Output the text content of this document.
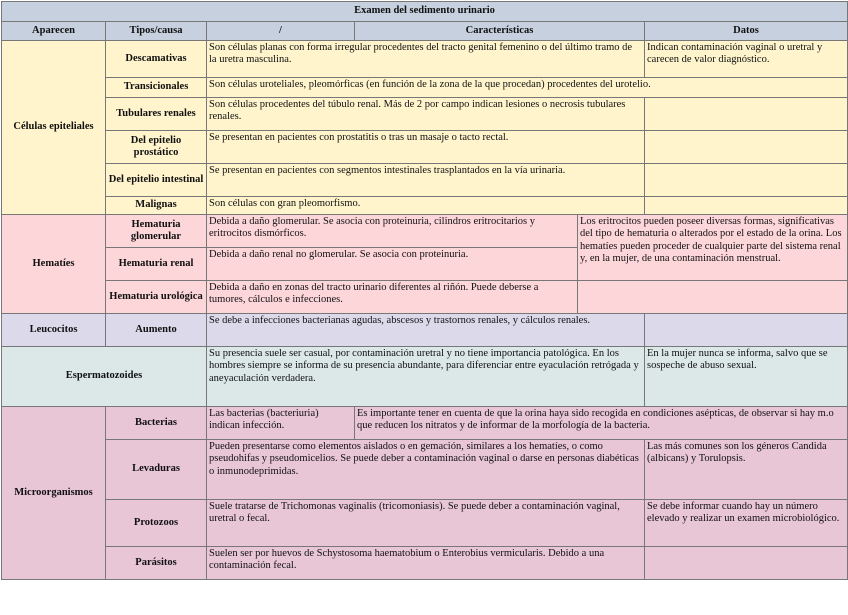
Examen del sedimento urinario					
Aparecen	Tipos/causa	/	Características		Datos
Células epiteliales	Descamativas	Son células planas con forma irregular procedentes del tracto genital femenino o del último tramo de la uretra masculina.			Indican contaminación vaginal o uretral y carecen de valor diagnóstico.
	Transicionales	Son células uroteliales, pleomórficas (en función de la zona de la que procedan) procedentes del urotelio.			
	Tubulares renales	Son células procedentes del túbulo renal. Más de 2 por campo indican lesiones o necrosis tubulares renales.			
	Del epitelio prostático	Se presentan en pacientes con prostatitis o tras un masaje o tacto rectal.			
	Del epitelio intestinal	Se presentan en pacientes con segmentos intestinales trasplantados en la vía urinaria.			
	Malignas	Son células con gran pleomorfismo.			
Hematíes	Hematuria glomerular	Debida a daño glomerular. Se asocia con proteinuria, cilindros eritrocitarios y eritrocitos dismórficos.		Los eritrocitos pueden poseer diversas formas, significativas del tipo de hematuria o alterados por el estado de la orina. Los hematíes pueden proceder de cualquier parte del sistema renal y, en la mujer, de una contaminación menstrual.	
	Hematuria renal	Debida a daño renal no glomerular. Se asocia con proteinuria.			
	Hematuria urológica	Debida a daño en zonas del tracto urinario diferentes al riñón. Puede deberse a tumores, cálculos e infecciones.			
Leucocitos	Aumento	Se debe a infecciones bacterianas agudas, abscesos y trastornos renales, y cálculos renales.			
Espermatozoides		Su presencia suele ser casual, por contaminación uretral y no tiene importancia patológica. En los hombres siempre se informa de su presencia abundante, para diferenciar entre eyaculación retrógada y aneyaculación verdadera.			En la mujer nunca se informa, salvo que se sospeche de abuso sexual.
Microorganismos	Bacterias	Las bacterias (bacteriuria) indican infección.	Es importante tener en cuenta de que la orina haya sido recogida en condiciones asépticas, de observar si hay m.o que reducen los nitratos y de informar de la morfología de la bacteria.		
	Levaduras	Pueden presentarse como elementos aislados o en gemación, similares a los hematíes, o como pseudohifas y pseudomicelios. Se puede deber a contaminación vaginal o darse en personas diabéticas o inmunodeprimidas.			Las más comunes son los géneros Candida (albicans) y Torulopsis.
	Protozoos	Suele tratarse de Trichomonas vaginalis (tricomoniasis). Se puede deber a contaminación vaginal, uretral o fecal.			Se debe informar cuando hay un número elevado y realizar un examen microbiológico.
	Parásitos	Suelen ser por huevos de Schystosoma haematobium o Enterobius vermicularis. Debido a una contaminación fecal.			
